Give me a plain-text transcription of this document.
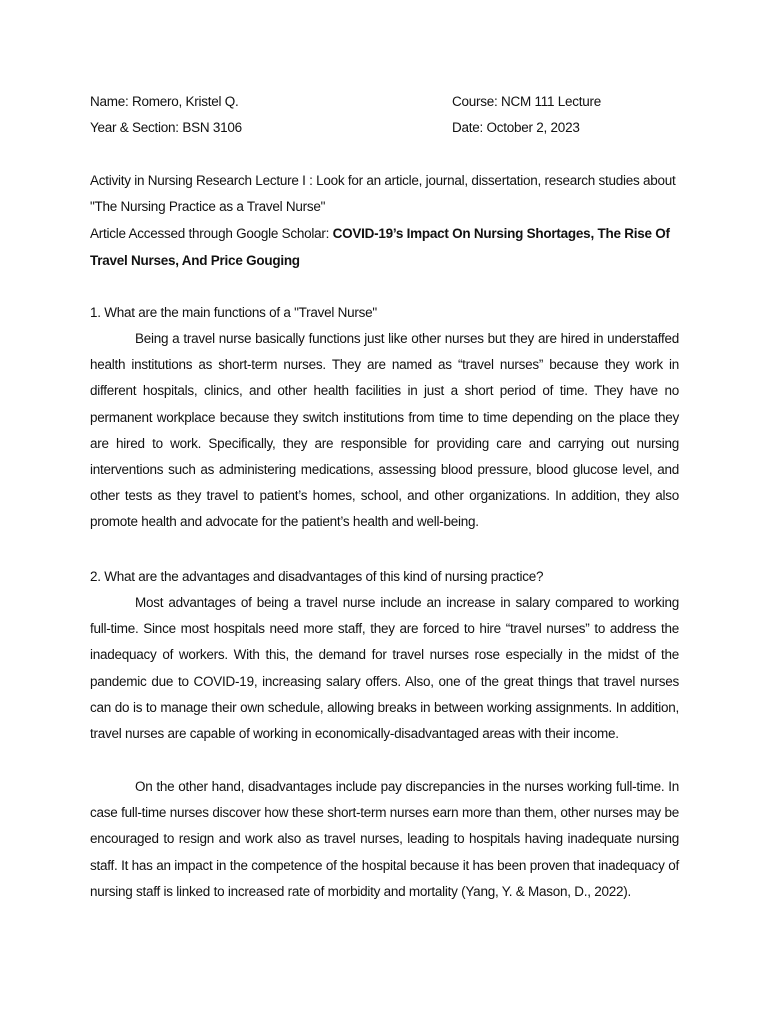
Name: Romero, Kristel Q.	Course: NCM 111 Lecture
Year & Section: BSN 3106	Date: October 2, 2023
Activity in Nursing Research Lecture I : Look for an article, journal, dissertation, research studies about
"The Nursing Practice as a Travel Nurse"
Article Accessed through Google Scholar: COVID-19’s Impact On Nursing Shortages, The Rise Of
Travel Nurses, And Price Gouging
1. What are the main functions of a "Travel Nurse"
Being a travel nurse basically functions just like other nurses but they are hired in understaffed health institutions as short-term nurses. They are named as “travel nurses” because they work in different hospitals, clinics, and other health facilities in just a short period of time. They have no permanent workplace because they switch institutions from time to time depending on the place they are hired to work. Specifically, they are responsible for providing care and carrying out nursing interventions such as administering medications, assessing blood pressure, blood glucose level, and other tests as they travel to patient’s homes, school, and other organizations. In addition, they also promote health and advocate for the patient’s health and well-being.
2. What are the advantages and disadvantages of this kind of nursing practice?
Most advantages of being a travel nurse include an increase in salary compared to working full-time. Since most hospitals need more staff, they are forced to hire “travel nurses” to address the inadequacy of workers. With this, the demand for travel nurses rose especially in the midst of the pandemic due to COVID-19, increasing salary offers. Also, one of the great things that travel nurses can do is to manage their own schedule, allowing breaks in between working assignments. In addition, travel nurses are capable of working in economically-disadvantaged areas with their income.
On the other hand, disadvantages include pay discrepancies in the nurses working full-time. In case full-time nurses discover how these short-term nurses earn more than them, other nurses may be encouraged to resign and work also as travel nurses, leading to hospitals having inadequate nursing staff. It has an impact in the competence of the hospital because it has been proven that inadequacy of nursing staff is linked to increased rate of morbidity and mortality (Yang, Y. & Mason, D., 2022).
